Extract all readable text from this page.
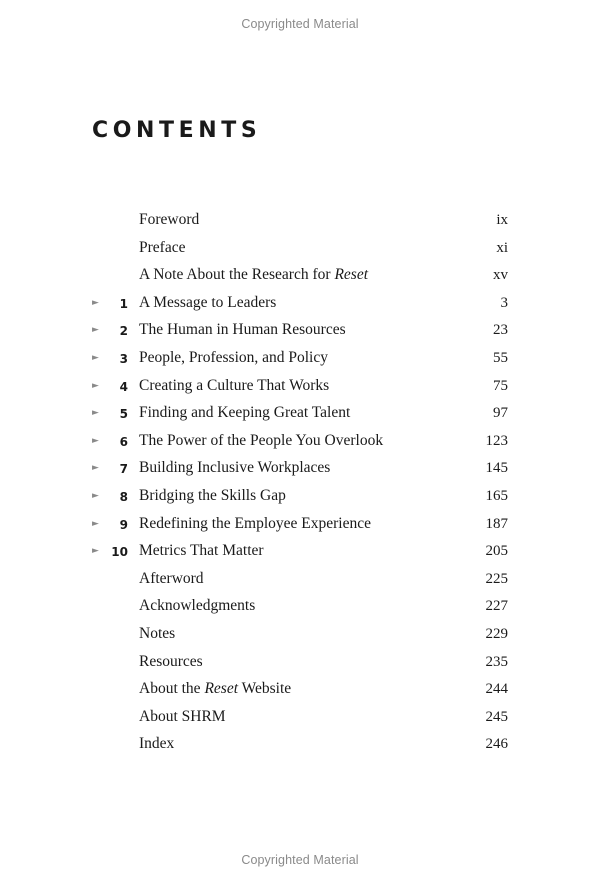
Copyrighted Material
CONTENTS
Foreword	ix
Preface	xi
A Note About the Research for Reset	xv
►	1 A Message to Leaders	3
►	2 The Human in Human Resources	23
►	3 People, Profession, and Policy	55
►	4 Creating a Culture That Works	75
►	5 Finding and Keeping Great Talent	97
►	6 The Power of the People You Overlook	123
►	7 Building Inclusive Workplaces	145
►	8 Bridging the Skills Gap	165
►	9 Redefining the Employee Experience	187
►	10 Metrics That Matter	205
Afterword	225
Acknowledgments	227
Notes	229
Resources	235
About the Reset Website	244
About SHRM	245
Index	246
Copyrighted Material
